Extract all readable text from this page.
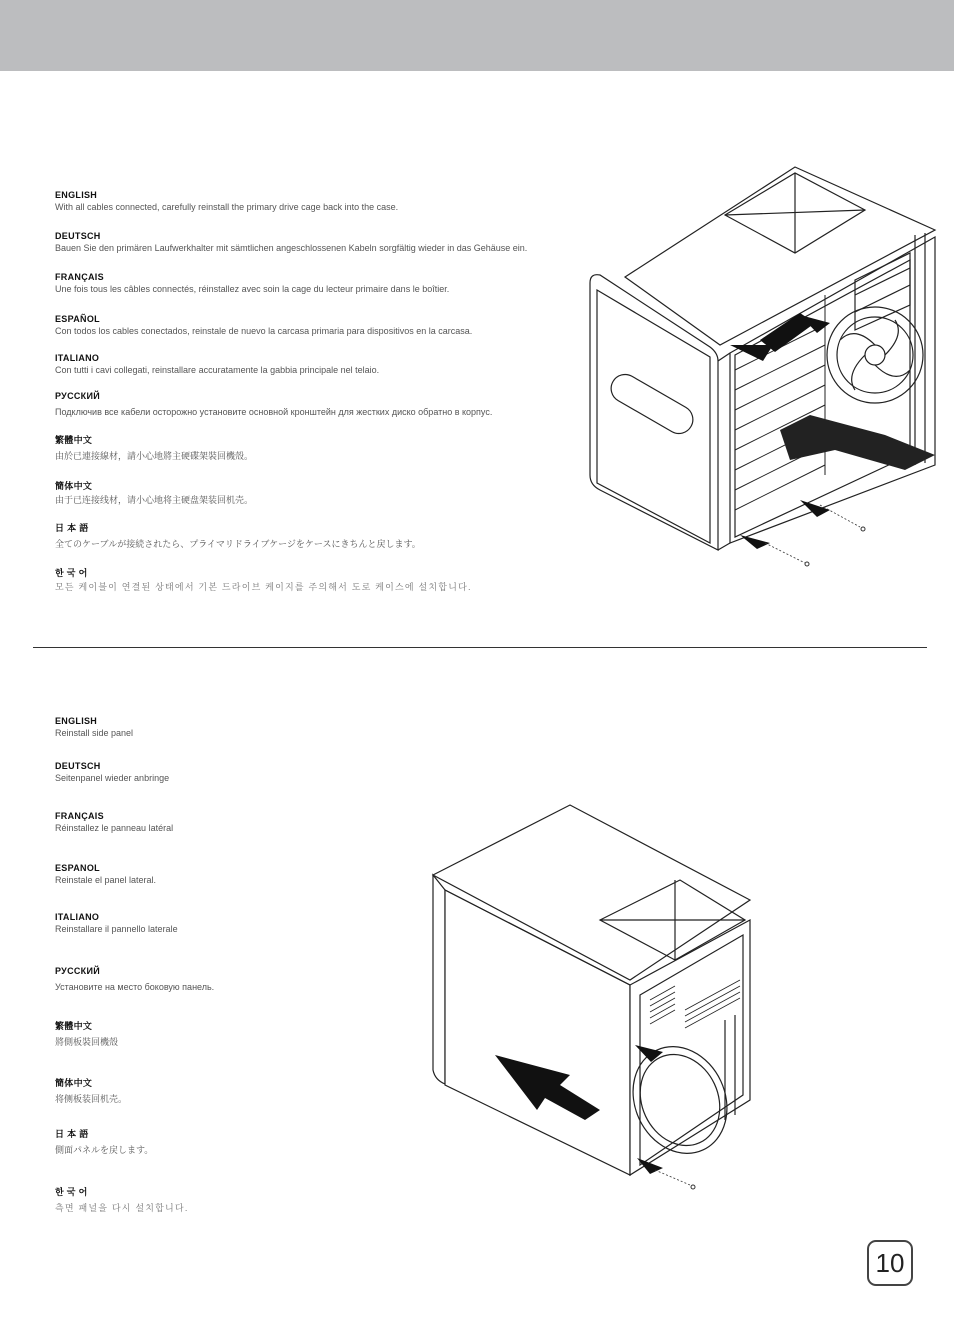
ENGLISH
With all cables connected, carefully reinstall the primary drive cage back into the case.
DEUTSCH
Bauen Sie den primären Laufwerkhalter mit sämtlichen angeschlossenen Kabeln sorgfältig wieder in das Gehäuse ein.
FRANÇAIS
Une fois tous les câbles connectés, réinstallez avec soin la cage du lecteur primaire dans le boîtier.
ESPAÑOL
Con todos los cables conectados, reinstale de nuevo la carcasa primaria para dispositivos en la carcasa.
ITALIANO
Con tutti i cavi collegati, reinstallare accuratamente la gabbia principale nel telaio.
РУССКИЙ
Подключив все кабели осторожно установите основной кронштейн для жестких диско обратно в корпус.
繁體中文
由於已連接線材，請小心地將主硬碟架裝回機殼。
簡体中文
由于已连接线材，请小心地将主硬盘架装回机壳。
日 本 語
全てのケーブルが接続されたら、プライマリドライブケージをケースにきちんと戻します。
한 국 어
모든 케이블이 연결된 상태에서 기본 드라이브 케이지를 주의해서 도로 케이스에 설치합니다.
ENGLISH
Reinstall side panel
DEUTSCH
Seitenpanel wieder anbringe
FRANÇAIS
Réinstallez le panneau latéral
ESPANOL
Reinstale el panel lateral.
ITALIANO
Reinstallare il pannello laterale
РУССКИЙ
Установите на место боковую панель.
繁體中文
將側板裝回機殼
簡体中文
将侧板装回机壳。
日 本 語
側面パネルを戻します。
한 국 어
측면 패널을 다시 설치합니다.
10
